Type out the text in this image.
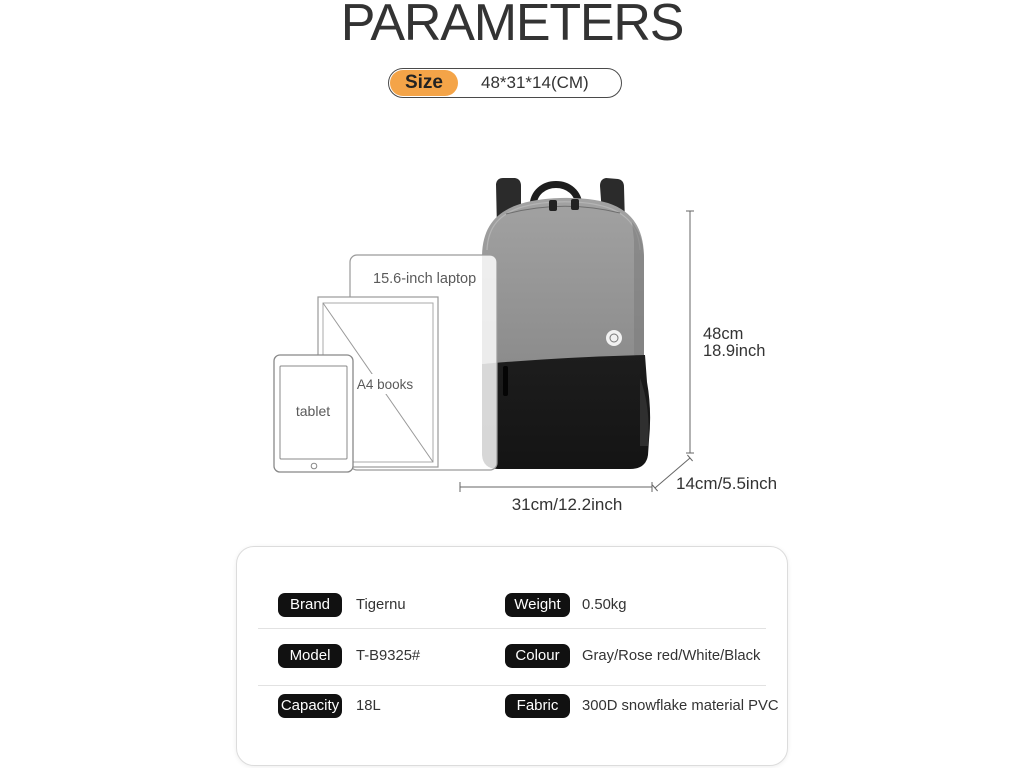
PARAMETERS
Size	48*31*14(CM)
15.6-inch laptop
A4 books
tablet
48cm
18.9inch
14cm/5.5inch
31cm/12.2inch
Brand	Tigernu	Weight	0.50kg
Model	T-B9325#	Colour	Gray/Rose red/White/Black
Capacity 18L	Fabric	300D snowflake material PVC
